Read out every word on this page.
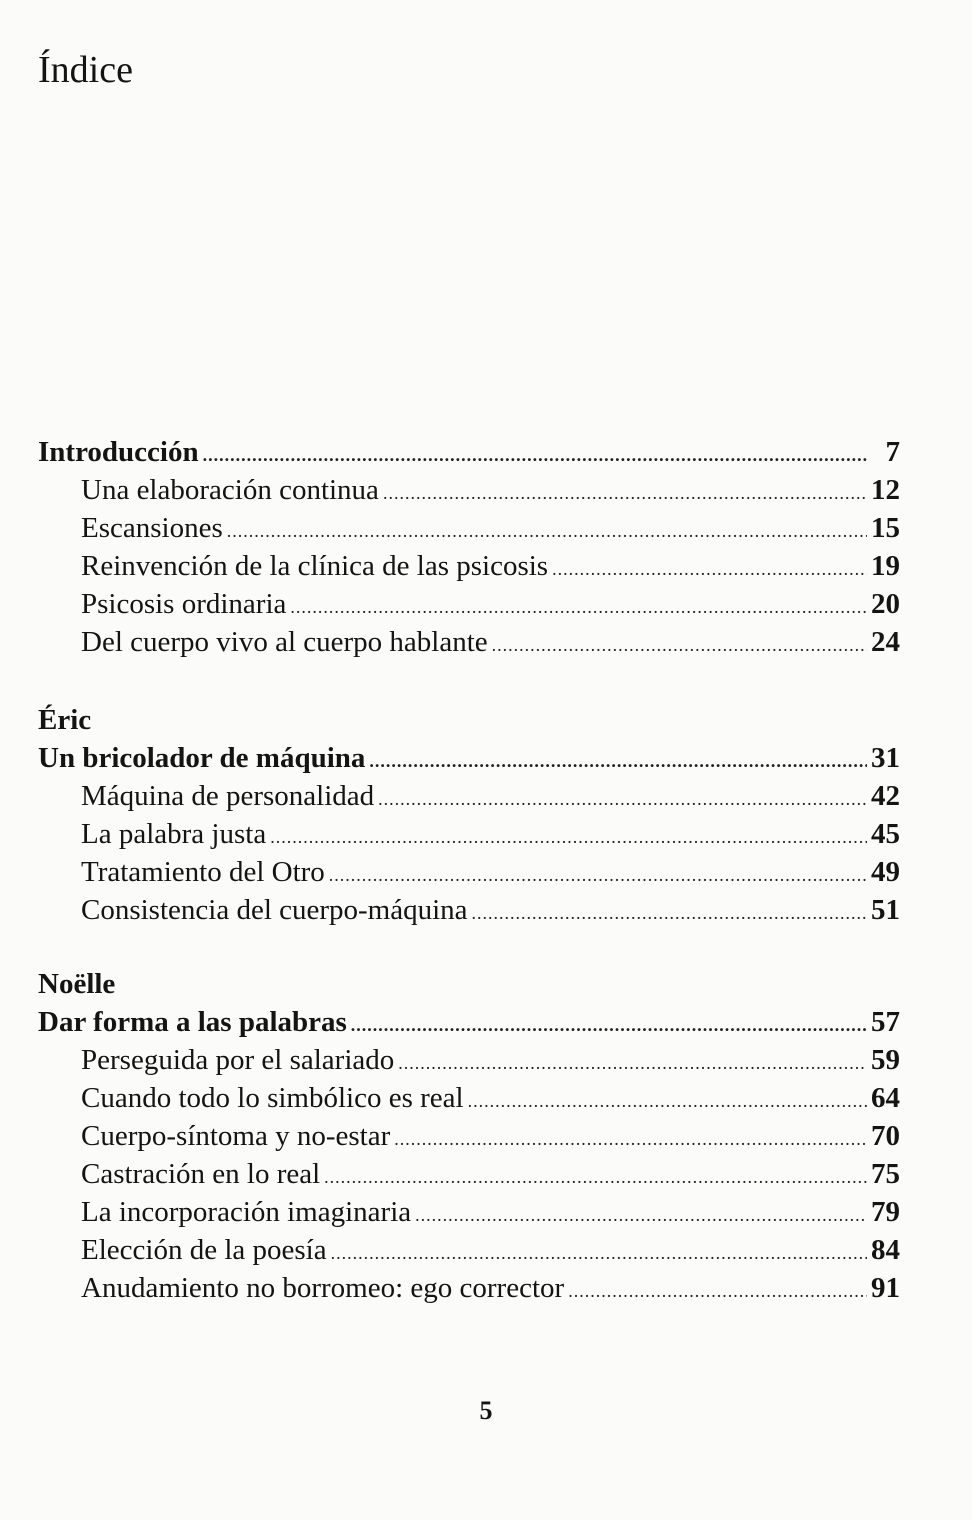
Índice
Introducción .....	7
Una elaboración continua .....	12
Escansiones .....	15
Reinvención de la clínica de las psicosis .....	19
Psicosis ordinaria .....	20
Del cuerpo vivo al cuerpo hablante .....	24
Éric
Un bricolador de máquina .....	31
Máquina de personalidad .....	42
La palabra justa .....	45
Tratamiento del Otro .....	49
Consistencia del cuerpo-máquina .....	51
Noëlle
Dar forma a las palabras .....	57
Perseguida por el salariado .....	59
Cuando todo lo simbólico es real .....	64
Cuerpo-síntoma y no-estar .....	70
Castración en lo real .....	75
La incorporación imaginaria .....	79
Elección de la poesía .....	84
Anudamiento no borromeo: ego corrector .....	91
5
